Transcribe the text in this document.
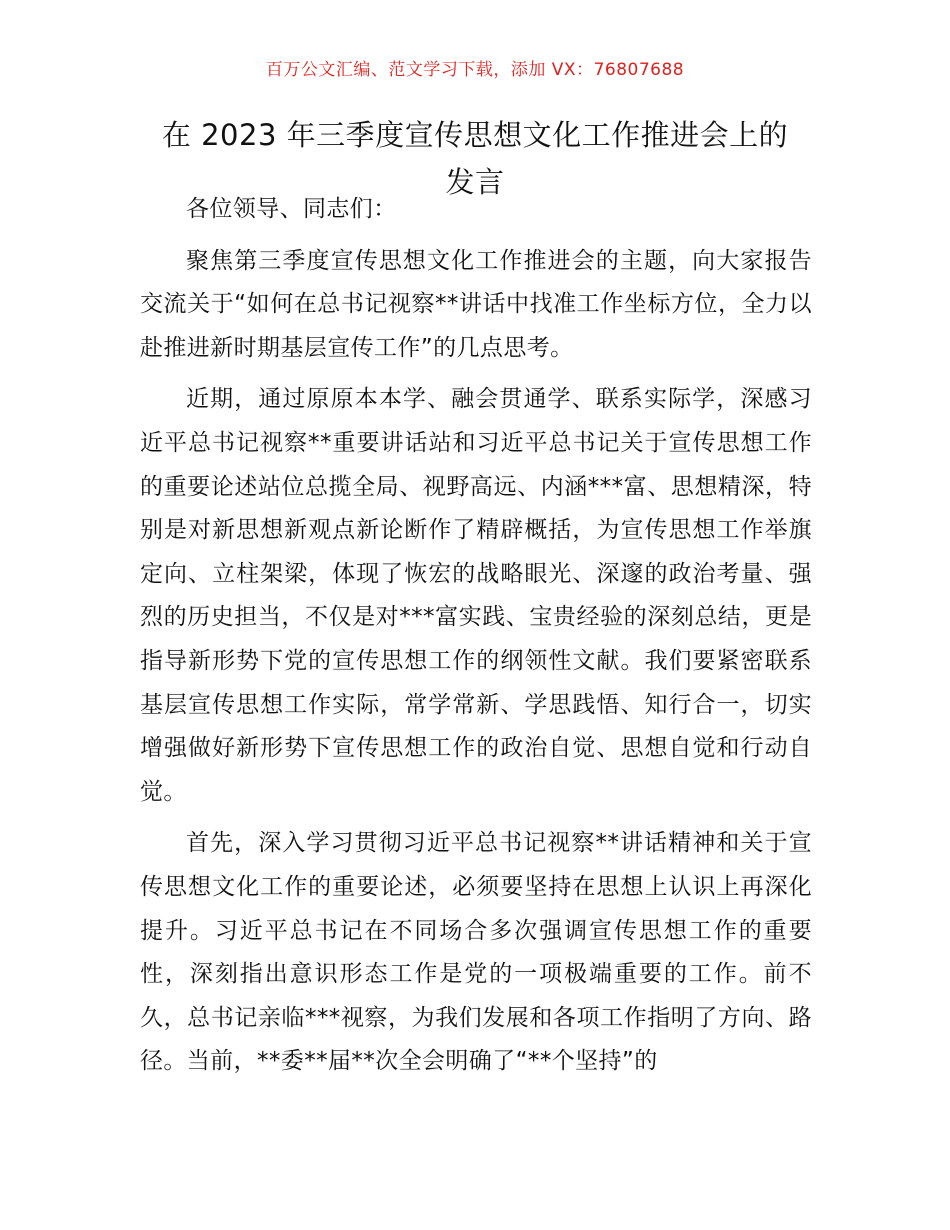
百万公文汇编、范文学习下载，添加 VX：76807688
在 2023 年三季度宣传思想文化工作推进会上的
发言

各位领导、同志们：

聚焦第三季度宣传思想文化工作推进会的主题，向大家报告交流关于“如何在总书记视察**讲话中找准工作坐标方位，全力以赴推进新时期基层宣传工作”的几点思考。

近期，通过原原本本学、融会贯通学、联系实际学，深感习近平总书记视察**重要讲话站和习近平总书记关于宣传思想工作的重要论述站位总揽全局、视野高远、内涵***富、思想精深，特别是对新思想新观点新论断作了精辟概括，为宣传思想工作举旗定向、立柱架梁，体现了恢宏的战略眼光、深邃的政治考量、强烈的历史担当，不仅是对***富实践、宝贵经验的深刻总结，更是指导新形势下党的宣传思想工作的纲领性文献。我们要紧密联系基层宣传思想工作实际，常学常新、学思践悟、知行合一，切实增强做好新形势下宣传思想工作的政治自觉、思想自觉和行动自觉。

首先，深入学习贯彻习近平总书记视察**讲话精神和关于宣传思想文化工作的重要论述，必须要坚持在思想上认识上再深化提升。习近平总书记在不同场合多次强调宣传思想工作的重要性，深刻指出意识形态工作是党的一项极端重要的工作。前不久，总书记亲临***视察，为我们发展和各项工作指明了方向、路径。当前，**委**届**次全会明确了“**个坚持”的
